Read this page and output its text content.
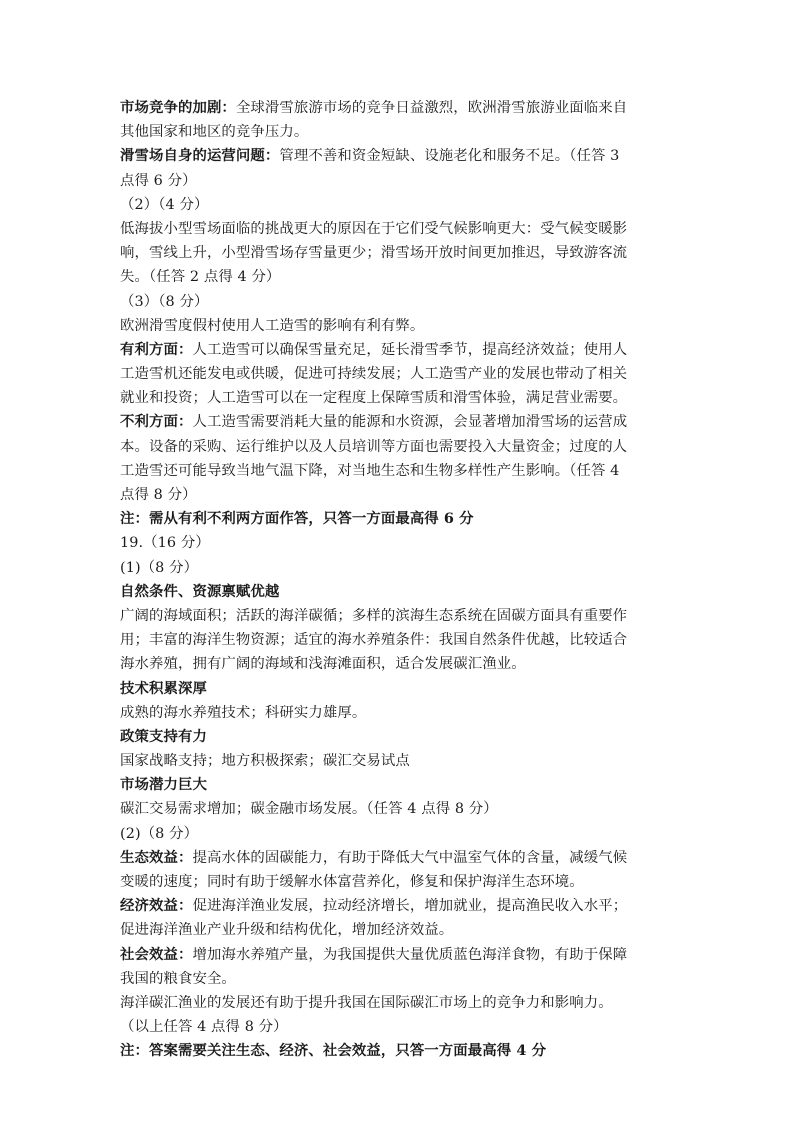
市场竞争的加剧：全球滑雪旅游市场的竞争日益激烈，欧洲滑雪旅游业面临来自
其他国家和地区的竞争压力。
滑雪场自身的运营问题：管理不善和资金短缺、设施老化和服务不足。（任答 3
点得 6 分）
（2）（4 分）
低海拔小型雪场面临的挑战更大的原因在于它们受气候影响更大：受气候变暖影
响，雪线上升，小型滑雪场存雪量更少；滑雪场开放时间更加推迟，导致游客流
失。（任答 2 点得 4 分）
（3）（8 分）
欧洲滑雪度假村使用人工造雪的影响有利有弊。
有利方面：人工造雪可以确保雪量充足，延长滑雪季节，提高经济效益；使用人
工造雪机还能发电或供暖，促进可持续发展；人工造雪产业的发展也带动了相关
就业和投资；人工造雪可以在一定程度上保障雪质和滑雪体验，满足营业需要。
不利方面：人工造雪需要消耗大量的能源和水资源，会显著增加滑雪场的运营成
本。设备的采购、运行维护以及人员培训等方面也需要投入大量资金；过度的人
工造雪还可能导致当地气温下降，对当地生态和生物多样性产生影响。（任答 4
点得 8 分）
注：需从有利不利两方面作答，只答一方面最高得 6 分
19.（16 分）
(1)（8 分）
自然条件、资源禀赋优越
广阔的海域面积；活跃的海洋碳循；多样的滨海生态系统在固碳方面具有重要作
用；丰富的海洋生物资源；适宜的海水养殖条件：我国自然条件优越，比较适合
海水养殖，拥有广阔的海域和浅海滩面积，适合发展碳汇渔业。
技术积累深厚
成熟的海水养殖技术；科研实力雄厚。
政策支持有力
国家战略支持；地方积极探索；碳汇交易试点
市场潜力巨大
碳汇交易需求增加；碳金融市场发展。（任答 4 点得 8 分）
(2)（8 分）
生态效益：提高水体的固碳能力，有助于降低大气中温室气体的含量，减缓气候
变暖的速度；同时有助于缓解水体富营养化，修复和保护海洋生态环境。
经济效益：促进海洋渔业发展，拉动经济增长，增加就业，提高渔民收入水平；
促进海洋渔业产业升级和结构优化，增加经济效益。
社会效益：增加海水养殖产量，为我国提供大量优质蓝色海洋食物，有助于保障
我国的粮食安全。
海洋碳汇渔业的发展还有助于提升我国在国际碳汇市场上的竞争力和影响力。
（以上任答 4 点得 8 分）
注：答案需要关注生态、经济、社会效益，只答一方面最高得 4 分
